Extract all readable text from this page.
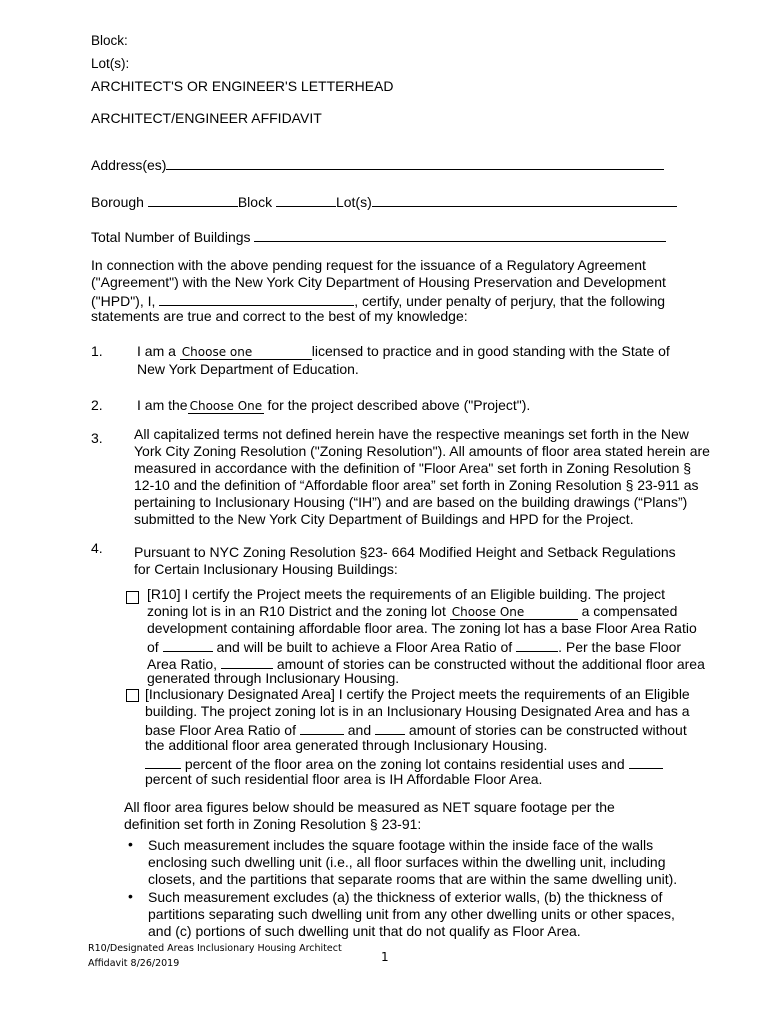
Block:
Lot(s):
ARCHITECT'S OR ENGINEER'S LETTERHEAD
ARCHITECT/ENGINEER AFFIDAVIT
Address(es)
Borough	Block	Lot(s)
Total Number of Buildings
In connection with the above pending request for the issuance of a Regulatory Agreement
("Agreement") with the New York City Department of Housing Preservation and Development
("HPD"), I,	, certify, under penalty of perjury, that the following
statements are true and correct to the best of my knowledge:
1. I am a Choose one	licensed to practice and in good standing with the State of
New York Department of Education.
2. I am the Choose One for the project described above ("Project").
3. All capitalized terms not defined herein have the respective meanings set forth in the New
York City Zoning Resolution ("Zoning Resolution"). All amounts of floor area stated herein are
measured in accordance with the definition of "Floor Area" set forth in Zoning Resolution §
12-10 and the definition of “Affordable floor area” set forth in Zoning Resolution § 23-911 as
pertaining to Inclusionary Housing (“IH”) and are based on the building drawings (“Plans”)
submitted to the New York City Department of Buildings and HPD for the Project.
4. Pursuant to NYC Zoning Resolution §23- 664 Modified Height and Setback Regulations
for Certain Inclusionary Housing Buildings:
[R10] I certify the Project meets the requirements of an Eligible building. The project
zoning lot is in an R10 District and the zoning lot Choose One	a compensated
development containing affordable floor area. The zoning lot has a base Floor Area Ratio
of	and will be built to achieve a Floor Area Ratio of	. Per the base Floor
Area Ratio,	amount of stories can be constructed without the additional floor area
generated through Inclusionary Housing.
[Inclusionary Designated Area] I certify the Project meets the requirements of an Eligible
building. The project zoning lot is in an Inclusionary Housing Designated Area and has a
base Floor Area Ratio of	and	amount of stories can be constructed without
the additional floor area generated through Inclusionary Housing.
percent of the floor area on the zoning lot contains residential uses and
percent of such residential floor area is IH Affordable Floor Area.
All floor area figures below should be measured as NET square footage per the
definition set forth in Zoning Resolution § 23-91:
• Such measurement includes the square footage within the inside face of the walls
enclosing such dwelling unit (i.e., all floor surfaces within the dwelling unit, including
closets, and the partitions that separate rooms that are within the same dwelling unit).
• Such measurement excludes (a) the thickness of exterior walls, (b) the thickness of
partitions separating such dwelling unit from any other dwelling units or other spaces,
and (c) portions of such dwelling unit that do not qualify as Floor Area.
R10/Designated Areas Inclusionary Housing Architect
Affidavit 8/26/2019	1
